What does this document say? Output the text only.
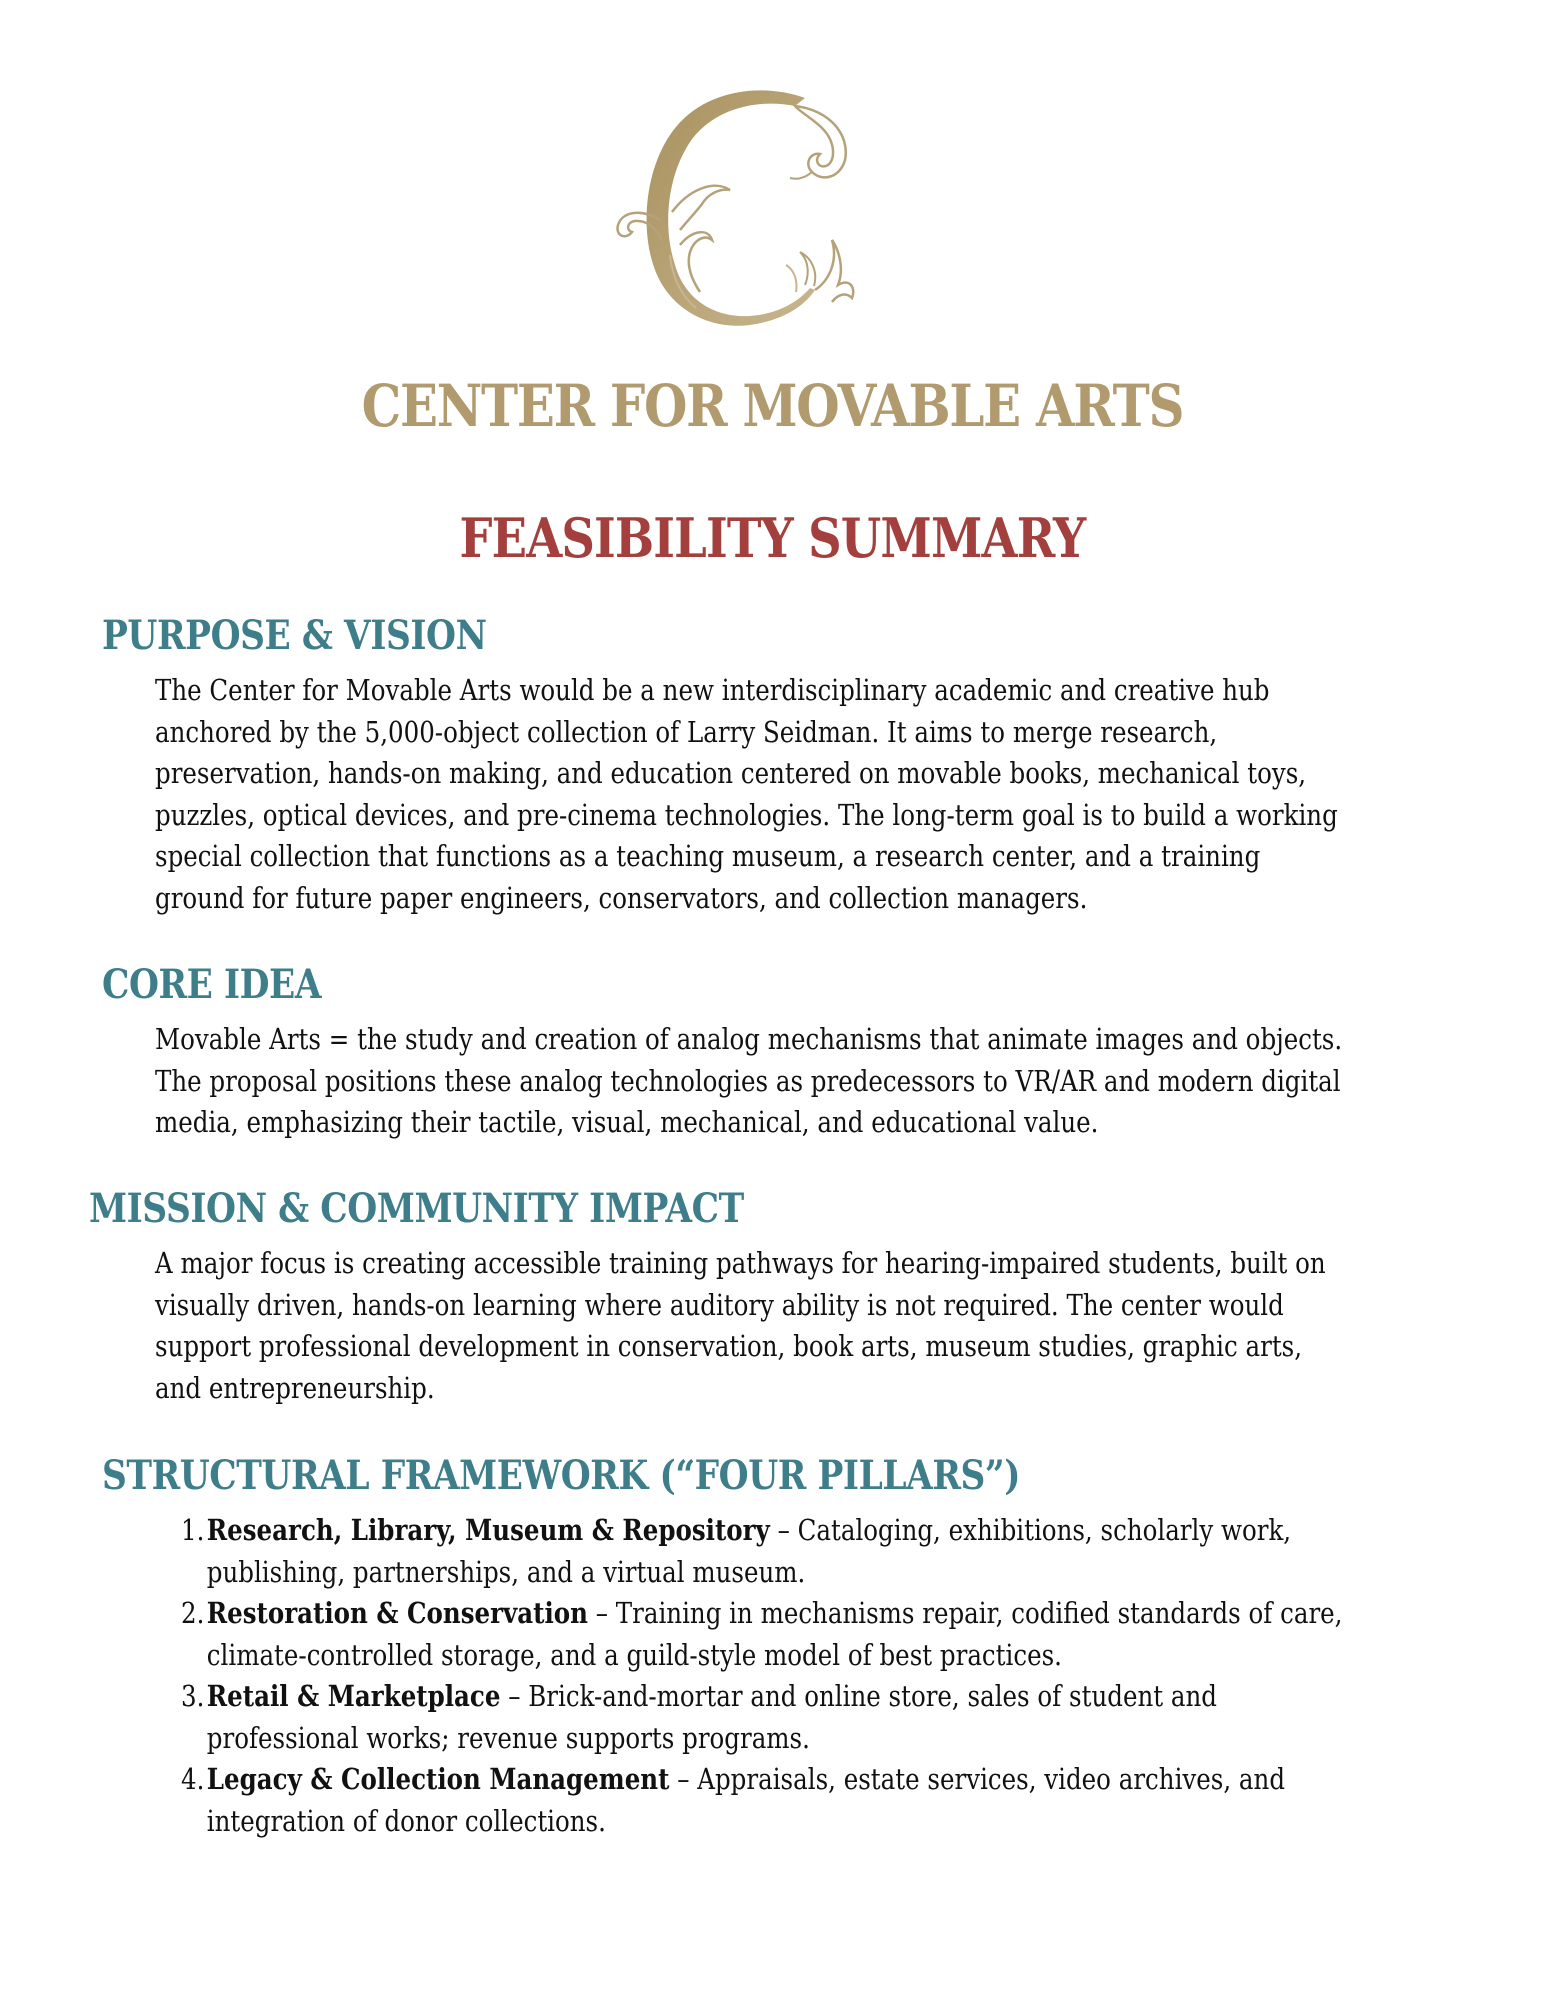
CENTER FOR MOVABLE ARTS
FEASIBILITY SUMMARY
PURPOSE & VISION
The Center for Movable Arts would be a new interdisciplinary academic and creative hub
anchored by the 5,000-object collection of Larry Seidman. It aims to merge research,
preservation, hands-on making, and education centered on movable books, mechanical toys,
puzzles, optical devices, and pre-cinema technologies. The long-term goal is to build a working
special collection that functions as a teaching museum, a research center, and a training
ground for future paper engineers, conservators, and collection managers.
CORE IDEA
Movable Arts = the study and creation of analog mechanisms that animate images and objects.
The proposal positions these analog technologies as predecessors to VR/AR and modern digital
media, emphasizing their tactile, visual, mechanical, and educational value.
MISSION & COMMUNITY IMPACT
A major focus is creating accessible training pathways for hearing-impaired students, built on
visually driven, hands-on learning where auditory ability is not required. The center would
support professional development in conservation, book arts, museum studies, graphic arts,
and entrepreneurship.
STRUCTURAL FRAMEWORK (“FOUR PILLARS”)
1. Research, Library, Museum & Repository – Cataloging, exhibitions, scholarly work,
publishing, partnerships, and a virtual museum.
2. Restoration & Conservation – Training in mechanisms repair, codified standards of care,
climate-controlled storage, and a guild-style model of best practices.
3. Retail & Marketplace – Brick-and-mortar and online store, sales of student and
professional works; revenue supports programs.
4. Legacy & Collection Management – Appraisals, estate services, video archives, and
integration of donor collections.
